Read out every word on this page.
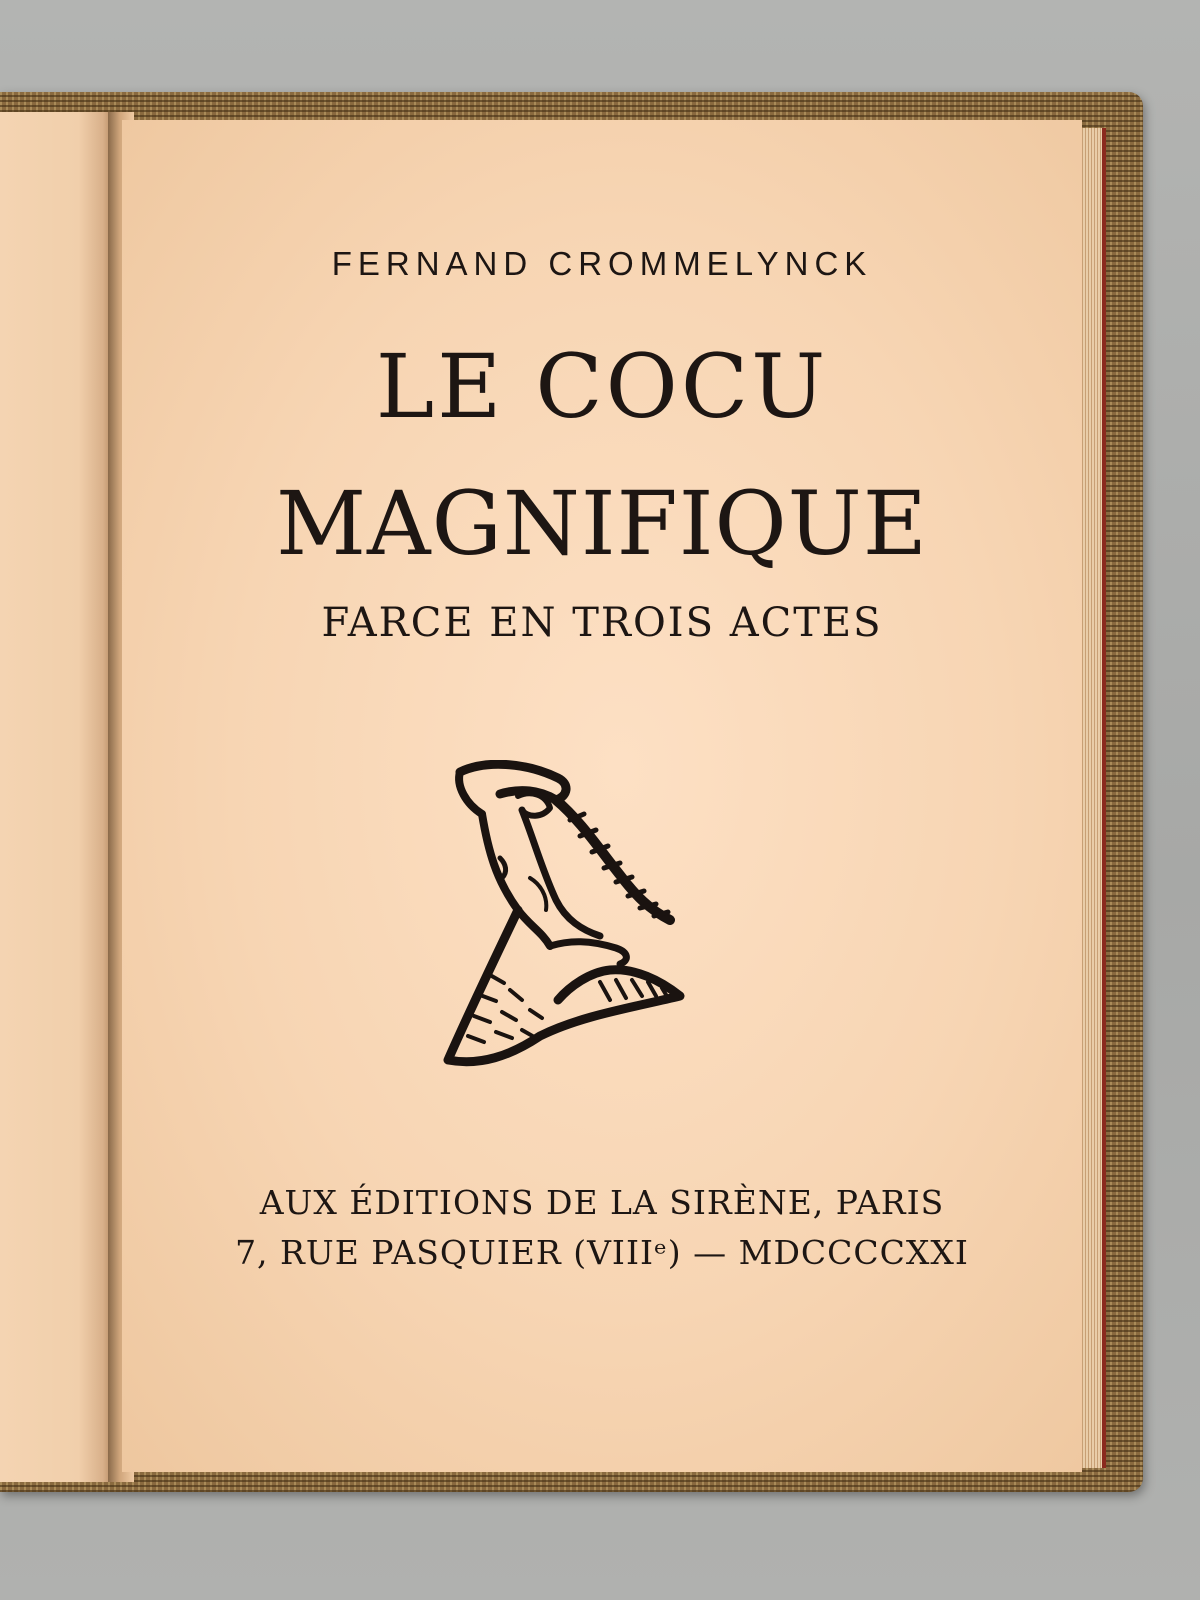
FERNAND CROMMELYNCK

LE COCU

MAGNIFIQUE

FARCE EN TROIS ACTES

AUX ÉDITIONS DE LA SIRÈNE, PARIS

7, RUE PASQUIER (VIIIᵉ) — MDCCCCXXI
